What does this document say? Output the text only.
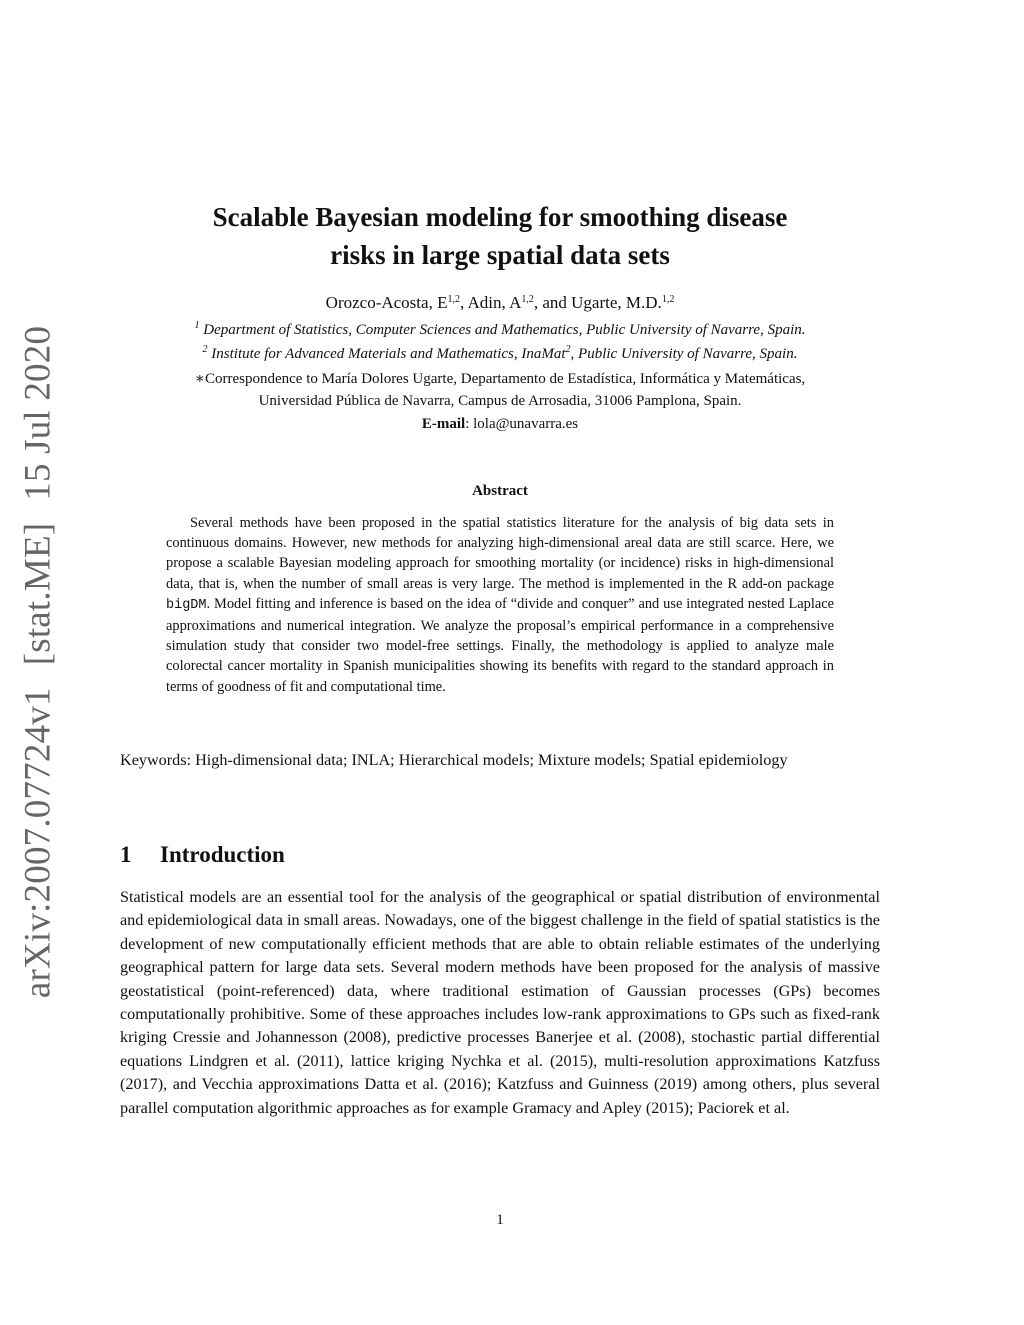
arXiv:2007.07724v1[stat.ME]15 Jul 2020
Scalable Bayesian modeling for smoothing disease
risks in large spatial data sets
Orozco-Acosta, E$^{1,2}$, Adin, A$^{1,2}$, and Ugarte, M.D.$^{1,2}$
$^1$ Department of Statistics, Computer Sciences and Mathematics, Public University of Navarre, Spain.
$^2$ Institute for Advanced Materials and Mathematics, InaMat$^2$, Public University of Navarre, Spain.
∗Correspondence to María Dolores Ugarte, Departamento de Estadística, Informática y Matemáticas,
Universidad Pública de Navarra, Campus de Arrosadia, 31006 Pamplona, Spain.
E-mail: lola@unavarra.es
Abstract
Several methods have been proposed in the spatial statistics literature for the analysis of big data sets in continuous domains. However, new methods for analyzing high-dimensional areal data are still scarce. Here, we propose a scalable Bayesian modeling approach for smoothing mortality (or incidence) risks in high-dimensional data, that is, when the number of small areas is very large. The method is implemented in the R add-on package bigDM. Model fitting and inference is based on the idea of “divide and conquer” and use integrated nested Laplace approximations and numerical integration. We analyze the proposal’s empirical performance in a comprehensive simulation study that consider two model-free settings. Finally, the methodology is applied to analyze male colorectal cancer mortality in Spanish municipalities showing its benefits with regard to the standard approach in terms of goodness of fit and computational time.
Keywords: High-dimensional data; INLA; Hierarchical models; Mixture models; Spatial epidemiology
1 Introduction
Statistical models are an essential tool for the analysis of the geographical or spatial distribution of environmental and epidemiological data in small areas. Nowadays, one of the biggest challenge in the field of spatial statistics is the development of new computationally efficient methods that are able to obtain reliable estimates of the underlying geographical pattern for large data sets. Several modern methods have been proposed for the analysis of massive geostatistical (point-referenced) data, where traditional estimation of Gaussian processes (GPs) becomes computationally prohibitive. Some of these approaches includes low-rank approximations to GPs such as fixed-rank kriging Cressie and Johannesson (2008), predictive processes Banerjee et al. (2008), stochastic partial differential equations Lindgren et al. (2011), lattice kriging Nychka et al. (2015), multi-resolution approximations Katzfuss (2017), and Vecchia approximations Datta et al. (2016); Katzfuss and Guinness (2019) among others, plus several parallel computation algorithmic approaches as for example Gramacy and Apley (2015); Paciorek et al.
1
